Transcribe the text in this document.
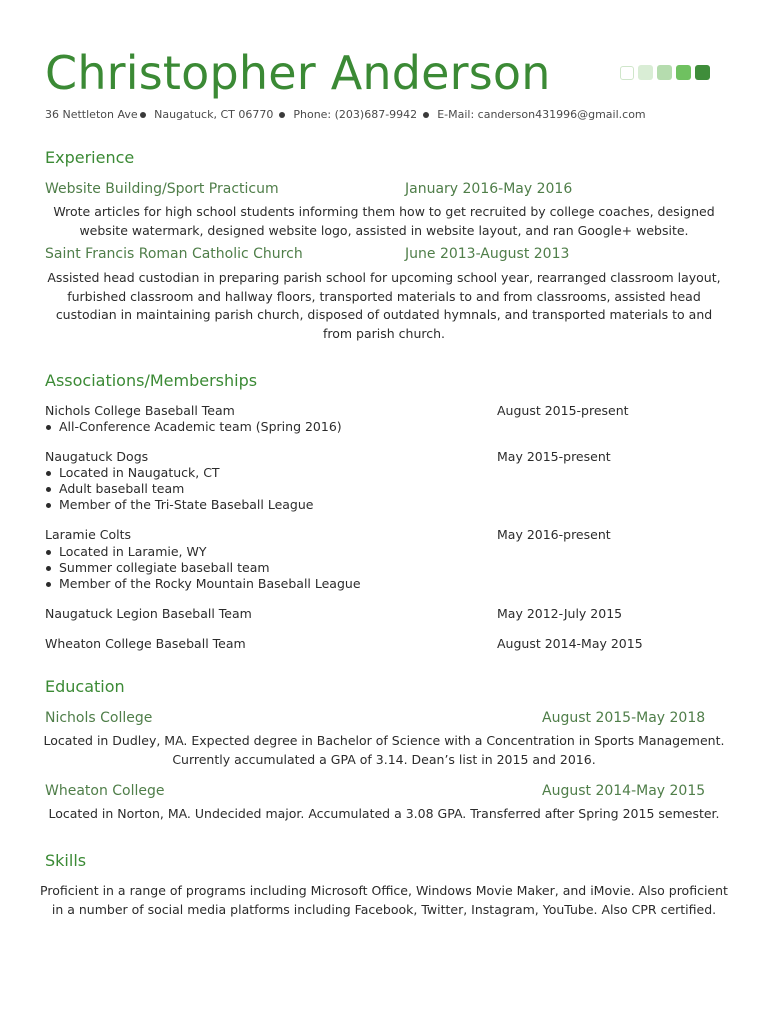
Christopher Anderson
36 Nettleton Ave Naugatuck, CT 06770 Phone: (203)687-9942 E-Mail: canderson431996@gmail.com
Experience
Website Building/Sport Practicum	January 2016-May 2016
Wrote articles for high school students informing them how to get recruited by college coaches, designed website watermark, designed website logo, assisted in website layout, and ran Google+ website.
Saint Francis Roman Catholic Church	June 2013-August 2013
Assisted head custodian in preparing parish school for upcoming school year, rearranged classroom layout, furbished classroom and hallway floors, transported materials to and from classrooms, assisted head custodian in maintaining parish church, disposed of outdated hymnals, and transported materials to and from parish church.
Associations/Memberships
Nichols College Baseball Team	August 2015-present
All-Conference Academic team (Spring 2016)
Naugatuck Dogs	May 2015-present
Located in Naugatuck, CT
Adult baseball team
Member of the Tri-State Baseball League
Laramie Colts	May 2016-present
Located in Laramie, WY
Summer collegiate baseball team
Member of the Rocky Mountain Baseball League
Naugatuck Legion Baseball Team	May 2012-July 2015
Wheaton College Baseball Team	August 2014-May 2015
Education
Nichols College	August 2015-May 2018
Located in Dudley, MA. Expected degree in Bachelor of Science with a Concentration in Sports Management. Currently accumulated a GPA of 3.14. Dean’s list in 2015 and 2016.
Wheaton College	August 2014-May 2015
Located in Norton, MA. Undecided major. Accumulated a 3.08 GPA. Transferred after Spring 2015 semester.
Skills
Proficient in a range of programs including Microsoft Office, Windows Movie Maker, and iMovie. Also proficient in a number of social media platforms including Facebook, Twitter, Instagram, YouTube. Also CPR certified.
